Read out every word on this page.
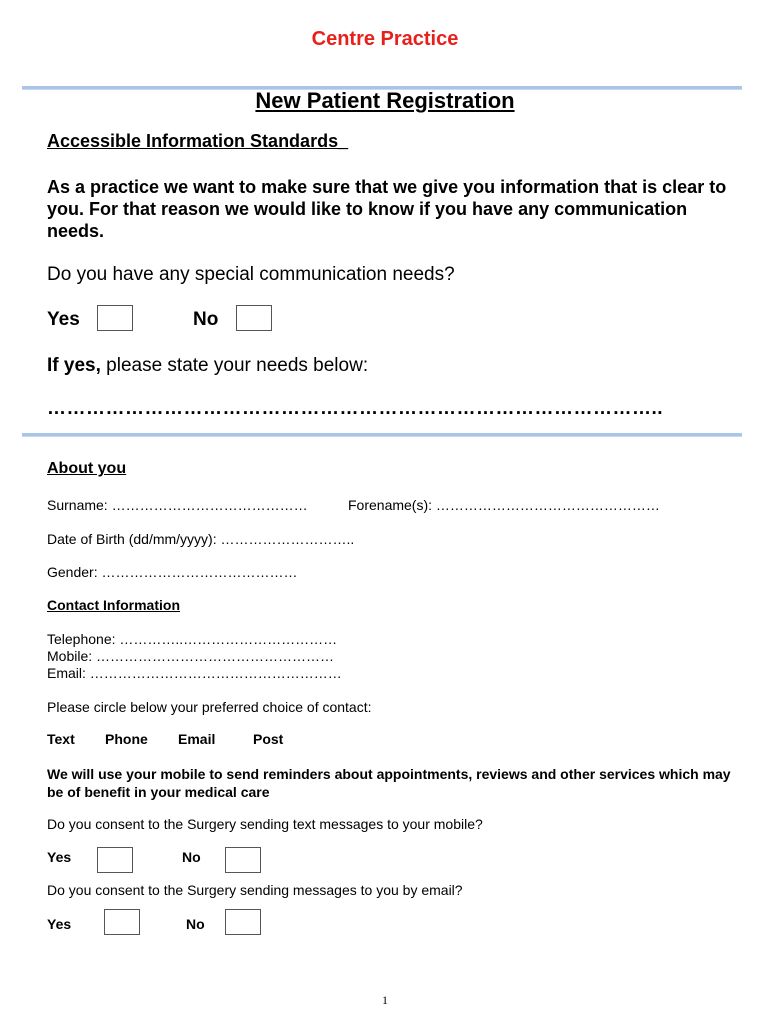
Centre Practice
New Patient Registration
Accessible Information Standards_
As a practice we want to make sure that we give you information that is clear to you. For that reason we would like to know if you have any communication needs.
Do you have any special communication needs?
Yes	No
If yes, please state your needs below:
…………………………………………………………………………………..
About you
Surname: ……………………………………	Forename(s): …………………………………………
Date of Birth (dd/mm/yyyy): ………………………..
Gender: ……………………………………
Contact Information
Telephone: …………..……………………………
Mobile: ……………………………………………
Email: ………………………………………………
Please circle below your preferred choice of contact:
Text Phone Email	Post
We will use your mobile to send reminders about appointments, reviews and other services which may be of benefit in your medical care
Do you consent to the Surgery sending text messages to your mobile?
Yes	No
Do you consent to the Surgery sending messages to you by email?
Yes	No
1
